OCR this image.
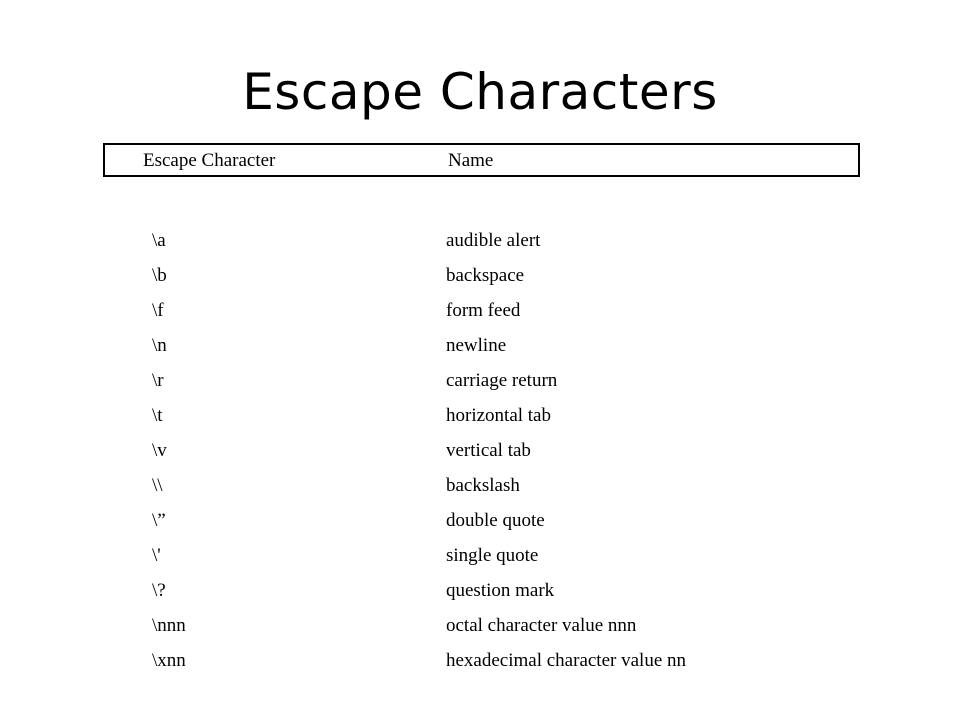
Escape Characters
Escape Character	Name
\a	audible alert
\b	backspace
\f	form feed
\n	newline
\r	carriage return
\t	horizontal tab
\v	vertical tab
\\	backslash
\”	double quote
\'	single quote
\?	question mark
\nnn	octal character value nnn
\xnn	hexadecimal character value nn
